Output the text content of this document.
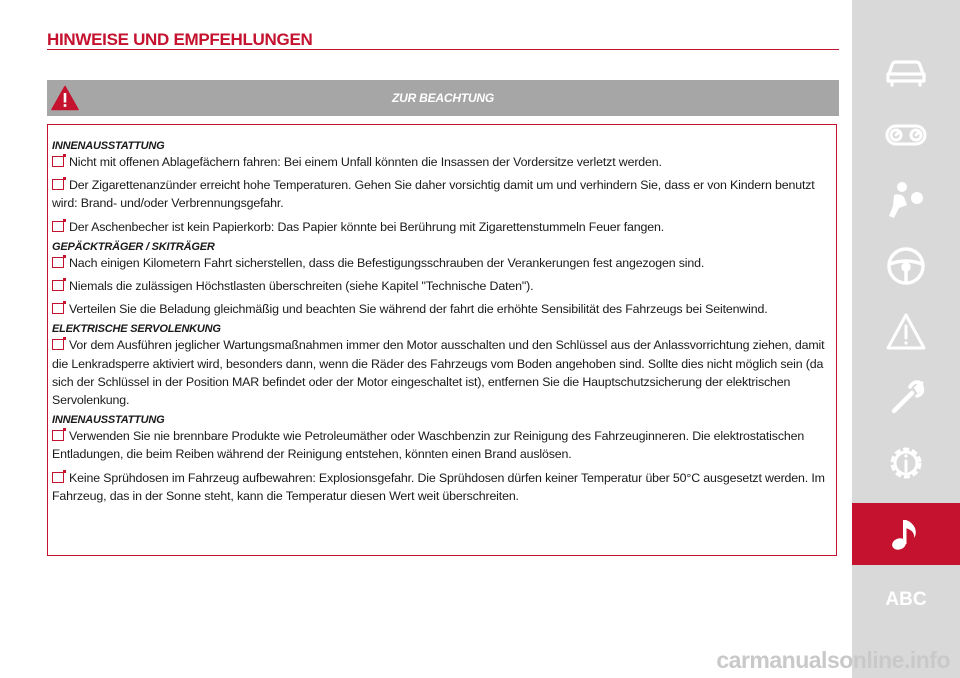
HINWEISE UND EMPFEHLUNGEN
ZUR BEACHTUNG
INNENAUSSTATTUNG
Nicht mit offenen Ablagefächern fahren: Bei einem Unfall könnten die Insassen der Vordersitze verletzt werden.
Der Zigarettenanzünder erreicht hohe Temperaturen. Gehen Sie daher vorsichtig damit um und verhindern Sie, dass er von Kindern benutzt wird: Brand- und/oder Verbrennungsgefahr.
Der Aschenbecher ist kein Papierkorb: Das Papier könnte bei Berührung mit Zigarettenstummeln Feuer fangen.
GEPÄCKTRÄGER / SKITRÄGER
Nach einigen Kilometern Fahrt sicherstellen, dass die Befestigungsschrauben der Verankerungen fest angezogen sind.
Niemals die zulässigen Höchstlasten überschreiten (siehe Kapitel "Technische Daten").
Verteilen Sie die Beladung gleichmäßig und beachten Sie während der fahrt die erhöhte Sensibilität des Fahrzeugs bei Seitenwind.
ELEKTRISCHE SERVOLENKUNG
Vor dem Ausführen jeglicher Wartungsmaßnahmen immer den Motor ausschalten und den Schlüssel aus der Anlassvorrichtung ziehen, damit die Lenkradsperre aktiviert wird, besonders dann, wenn die Räder des Fahrzeugs vom Boden angehoben sind. Sollte dies nicht möglich sein (da sich der Schlüssel in der Position MAR befindet oder der Motor eingeschaltet ist), entfernen Sie die Hauptschutzsicherung der elektrischen Servolenkung.
INNENAUSSTATTUNG
Verwenden Sie nie brennbare Produkte wie Petroleumäther oder Waschbenzin zur Reinigung des Fahrzeuginneren. Die elektrostatischen Entladungen, die beim Reiben während der Reinigung entstehen, könnten einen Brand auslösen.
Keine Sprühdosen im Fahrzeug aufbewahren: Explosionsgefahr. Die Sprühdosen dürfen keiner Temperatur über 50°C ausgesetzt werden. Im Fahrzeug, das in der Sonne steht, kann die Temperatur diesen Wert weit überschreiten.
ABC
carmanualsonline.info
